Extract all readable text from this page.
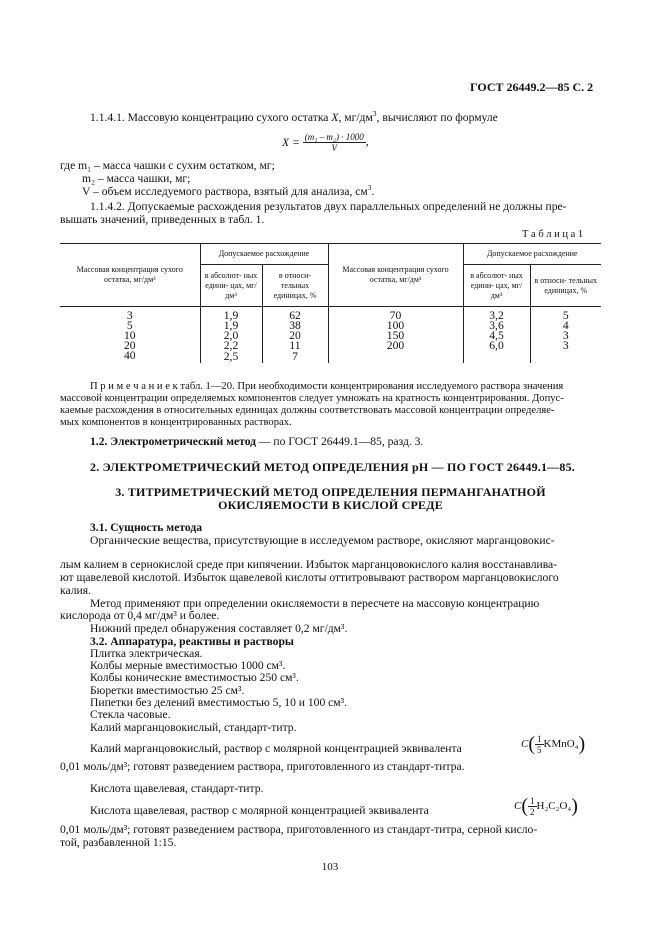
ГОСТ 26449.2—85 С. 2
1.1.4.1. Массовую концентрацию сухого остатка X, $мг/дм^3$, вычисляют по формуле
$X = \frac{\text{(m₁ – m₂) · 1000}}{V}$ ,
где m₁ – масса чашки с сухим остатком, мг;
m₂ – масса чашки, мг;
V – объем исследуемого раствора, взятый для анализа, $см^3$.
1.1.4.2. Допускаемые расхождения результатов двух параллельных определений не должны пре-
вышать значений, приведенных в табл. 1.
Т а б л и ц а 1
Массовая концентрация сухого остатка, мг/дм³	Допускаемое расхождение		Массовая концентрация сухого остатка, мг/дм³	Допускаемое расхождение	
	в абсолют- ных едини- цах, мг/дм³	в относи- тельных единицах, %		в абсолют- ных едини- цах, мг/дм³	в относи- тельных единицах, %
3	1,9	62	70	3,2	5
5	1,9	38	100	3,6	4
10	2,0	20	150	4,5	3
20	2,2	11	200	6,0	3
40	2,5	7			
П р и м е ч а н и е к табл. 1—20. При необходимости концентрирования исследуемого раствора значения
массовой концентрации определяемых компонентов следует умножать на кратность концентрирования. Допус-
каемые расхождения в относительных единицах должны соответствовать массовой концентрации определяе-
мых компонентов в концентрированных растворах.
1.2. Электрометрический метод — по ГОСТ 26449.1—85, разд. 3.
2. ЭЛЕКТРОМЕТРИЧЕСКИЙ МЕТОД ОПРЕДЕЛЕНИЯ pH — ПО ГОСТ 26449.1—85.
3. ТИТРИМЕТРИЧЕСКИЙ МЕТОД ОПРЕДЕЛЕНИЯ ПЕРМАНГАНАТНОЙ
ОКИСЛЯЕМОСТИ В КИСЛОЙ СРЕДЕ
3.1. Сущность метода
Органические вещества, присутствующие в исследуемом растворе, окисляют марганцовокис-
лым калием в сернокислой среде при кипячении. Избыток марганцовокислого калия восстанавлива-
ют щавелевой кислотой. Избыток щавелевой кислоты оттитровывают раствором марганцовокислого
калия.
Метод применяют при определении окисляемости в пересчете на массовую концентрацию
кислорода от 0,4 мг/дм³ и более.
Нижний предел обнаружения составляет 0,2 мг/дм³.
3.2. Аппаратура, реактивы и растворы
Плитка электрическая.
Колбы мерные вместимостью 1000 см³.
Колбы конические вместимостью 250 см³.
Бюретки вместимостью 25 см³.
Пипетки без делений вместимостью 5, 10 и 100 см³.
Стекла часовые.
Калий марганцовокислый, стандарт-титр.
Калий марганцовокислый, раствор с молярной концентрацией эквивалента	$C( \frac{1}{5}$ KMnO₄)
0,01 моль/дм³; готовят разведением раствора, приготовленного из стандарт-титра.
Кислота щавелевая, стандарт-титр.
Кислота щавелевая, раствор с молярной концентрацией эквивалента	$C( \frac{1}{2} H_2C_2O_4)$
0,01 моль/дм³; готовят разведением раствора, приготовленного из стандарт-титра, серной кисло-
той, разбавленной 1:15.
103
